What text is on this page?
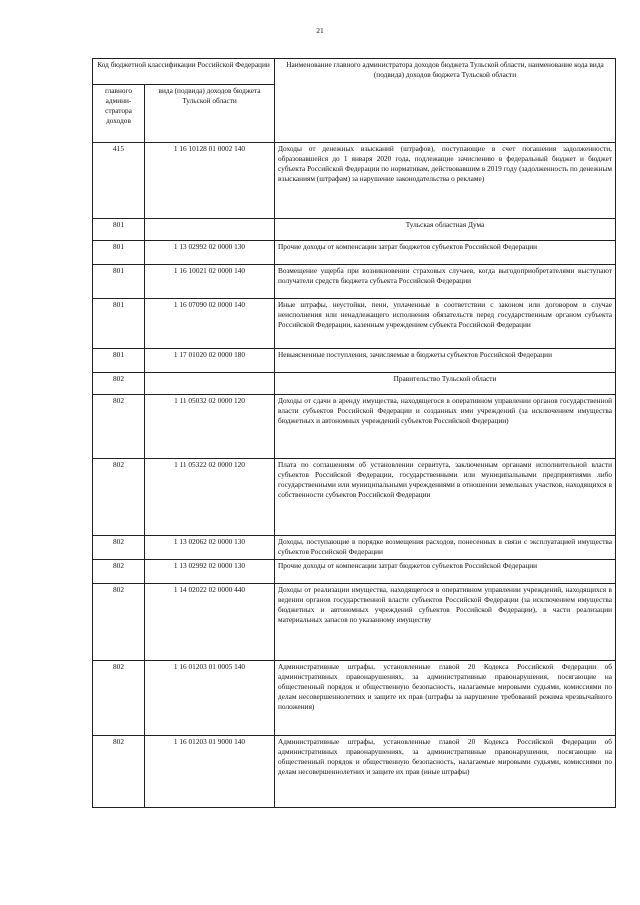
21
Код бюджетной классификации Российской Федерации		Наименование главного администратора доходов бюджета Тульской области, наименование кода вида (подвида) доходов бюджета Тульской области
главного админи-стратора доходов	вида (подвида) доходов бюджета Тульской области	
415	1 16 10128 01 0002 140	Доходы от денежных взысканий (штрафов), поступающие в счет погашения задолженности, образовавшейся до 1 января 2020 года, подлежащие зачислению в федеральный бюджет и бюджет субъекта Российской Федерации по нормативам, действовавшим в 2019 году (задолженность по денежным взысканиям (штрафам) за нарушение законодательства о рекламе)
801		Тульская областная Дума
801	1 13 02992 02 0000 130	Прочие доходы от компенсации затрат бюджетов субъектов Российской Федерации
801	1 16 10021 02 0000 140	Возмещение ущерба при возникновении страховых случаев, когда выгодоприобретателями выступают получатели средств бюджета субъекта Российской Федерации
801	1 16 07090 02 0000 140	Иные штрафы, неустойки, пени, уплаченные в соответствии с законом или договором в случае неисполнения или ненадлежащего исполнения обязательств перед государственным органом субъекта Российской Федерации, казенным учреждением субъекта Российской Федерации
801	1 17 01020 02 0000 180	Невыясненные поступления, зачисляемые в бюджеты субъектов Российской Федерации
802		Правительство Тульской области
802	1 11 05032 02 0000 120	Доходы от сдачи в аренду имущества, находящегося в оперативном управлении органов государственной власти субъектов Российской Федерации и созданных ими учреждений (за исключением имущества бюджетных и автономных учреждений субъектов Российской Федерации)
802	1 11 05322 02 0000 120	Плата по соглашениям об установлении сервитута, заключенным органами исполнительной власти субъектов Российской Федерации, государственными или муниципальными предприятиями либо государственными или муниципальными учреждениями в отношении земельных участков, находящихся в собственности субъектов Российской Федерации
802	1 13 02062 02 0000 130	Доходы, поступающие в порядке возмещения расходов, понесенных в связи с эксплуатацией имущества субъектов Российской Федерации
802	1 13 02992 02 0000 130	Прочие доходы от компенсации затрат бюджетов субъектов Российской Федерации
802	1 14 02022 02 0000 440	Доходы от реализации имущества, находящегося в оперативном управлении учреждений, находящихся в ведении органов государственной власти субъектов Российской Федерации (за исключением имущества бюджетных и автономных учреждений субъектов Российской Федерации), в части реализации материальных запасов по указанному имуществу
802	1 16 01203 01 0005 140	Административные штрафы, установленные главой 20 Кодекса Российской Федерации об административных правонарушениях, за административные правонарушения, посягающие на общественный порядок и общественную безопасность, налагаемые мировыми судьями, комиссиями по делам несовершеннолетних и защите их прав (штрафы за нарушение требований режима чрезвычайного положения)
802	1 16 01203 01 9000 140	Административные штрафы, установленные главой 20 Кодекса Российской Федерации об административных правонарушениях, за административные правонарушения, посягающие на общественный порядок и общественную безопасность, налагаемые мировыми судьями, комиссиями по делам несовершеннолетних и защите их прав (иные штрафы)
